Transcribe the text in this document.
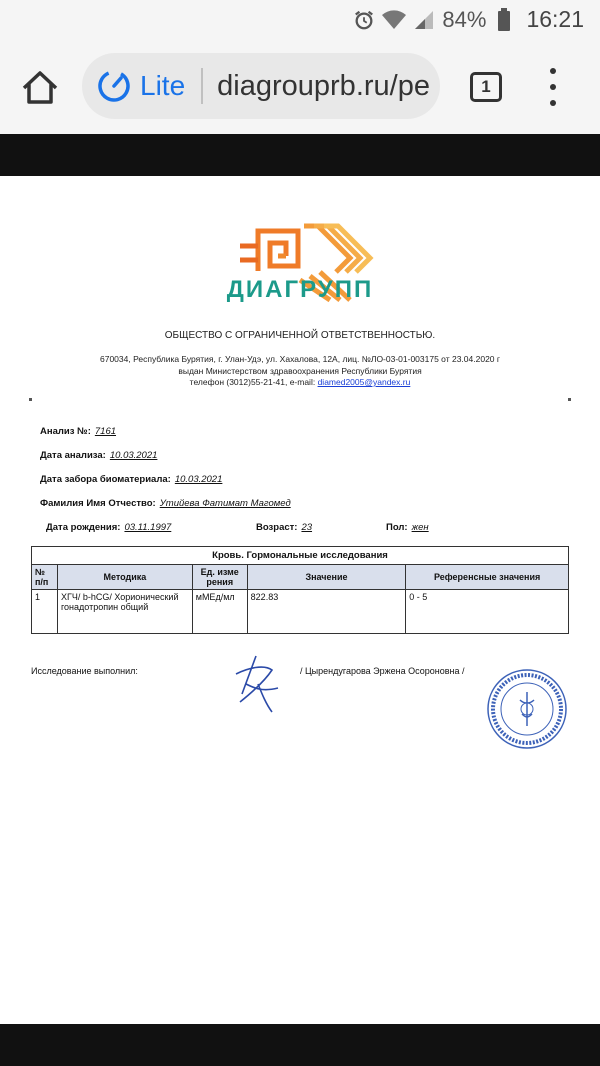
84% 16:21
Lite diagrouprb.ru/pe	1
ДИАГРУПП
ОБЩЕСТВО С ОГРАНИЧЕННОЙ ОТВЕТСТВЕННОСТЬЮ.
670034, Республика Бурятия, г. Улан-Удэ, ул. Хахалова, 12А, лиц. №ЛО-03-01-003175 от 23.04.2020 г
выдан Министерством здравоохранения Республики Бурятия
телефон (3012)55-21-41, e-mail: diamed2005@yandex.ru
Анализ №: 7161
Дата анализа: 10.03.2021
Дата забора биоматериала: 10.03.2021
Фамилия Имя Отчество: Утийева Фатимат Магомед
Дата рождения: 03.11.1997	Возраст: 23	Пол: жен
Кровь. Гормональные исследования				
№ п/п	Методика	Ед. изме рения	Значение	Референсные значения
1	ХГЧ/ b-hCG/ Хорионический гонадотропин общий	мМЕд/мл	822.83	0 - 5
Исследование выполнил:	/ Цырендугарова Эржена Осороновна /
